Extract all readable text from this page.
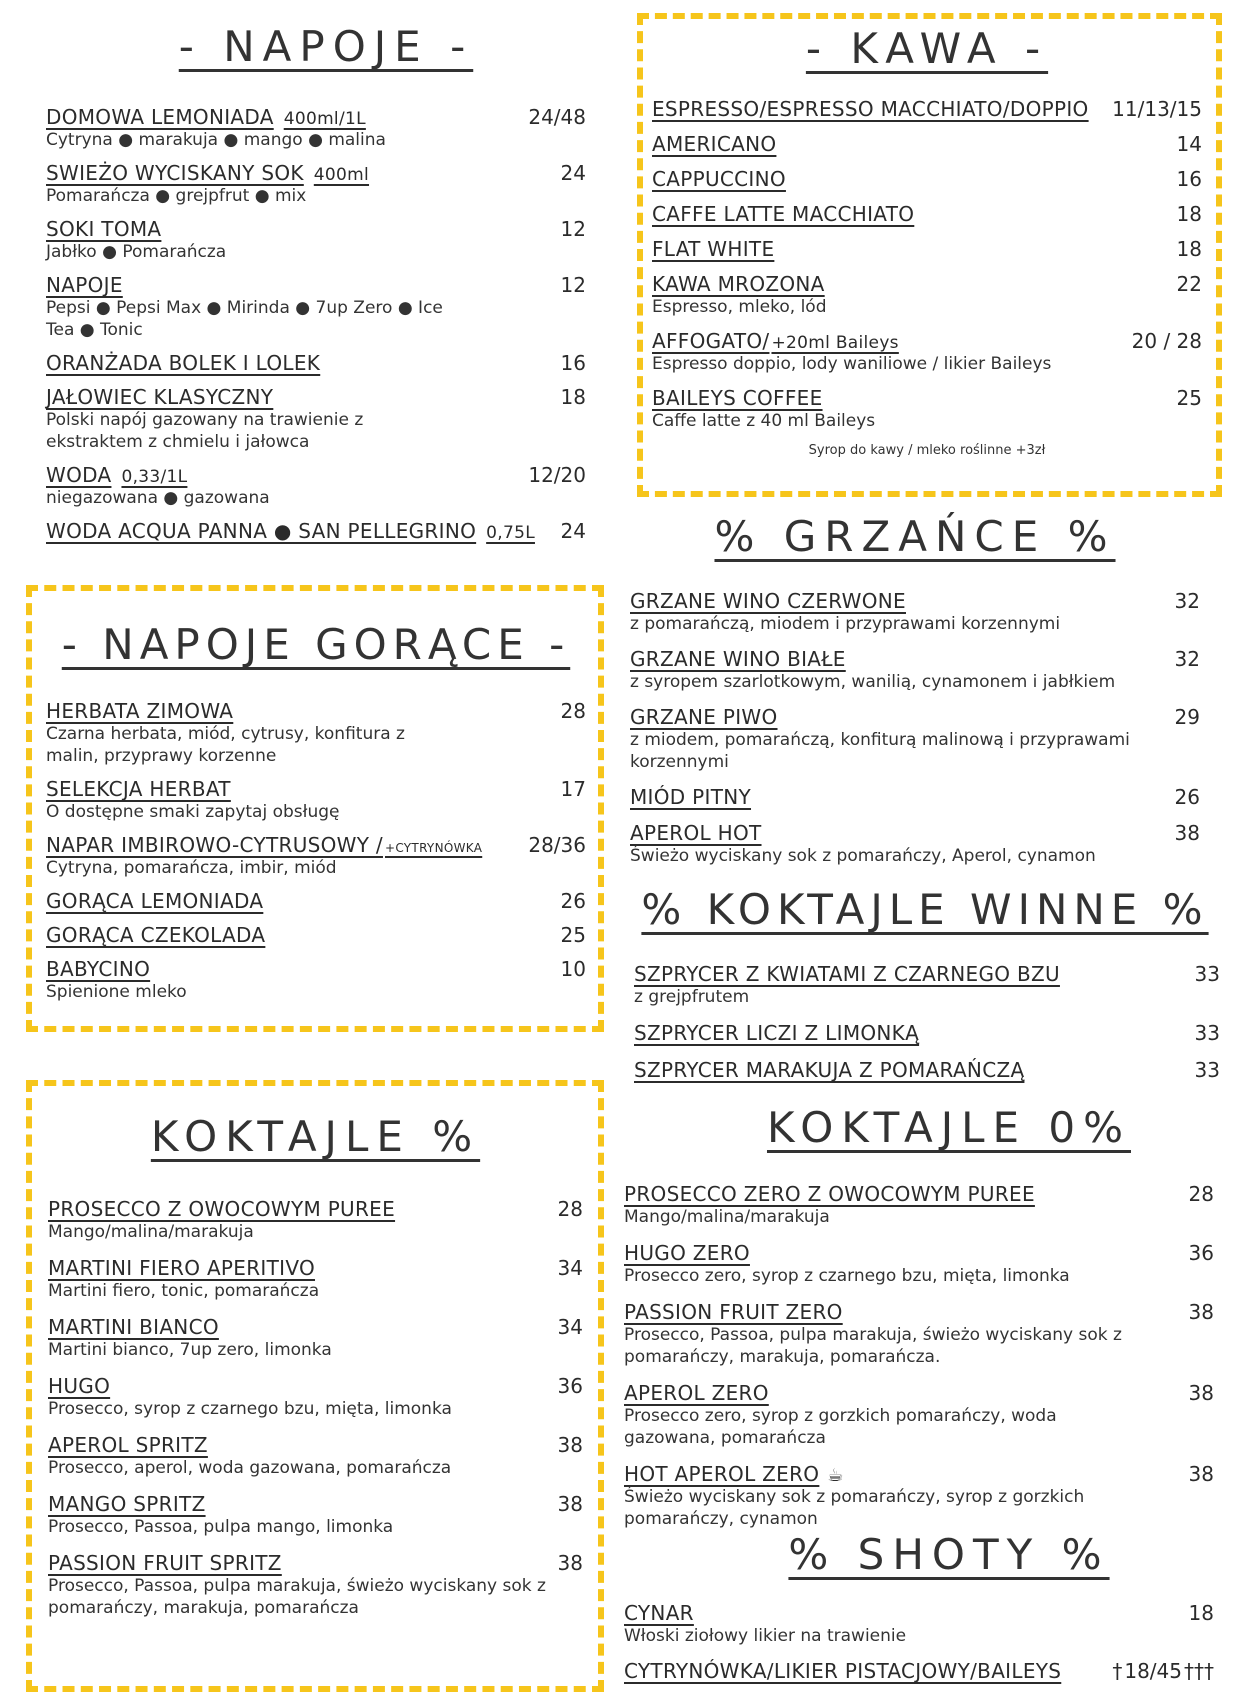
- NAPOJE -
DOMOWA LEMONIADA 400ml/1L	24/48
Cytryna ● marakuja ● mango ● malina
SWIEŻO WYCISKANY SOK 400ml	24
Pomarańcza ● grejpfrut ● mix
SOKI TOMA	12
Jabłko ● Pomarańcza
NAPOJE	12
Pepsi ● Pepsi Max ● Mirinda ● 7up Zero ● Ice Tea ● Tonic
ORANŻADA BOLEK I LOLEK	16
JAŁOWIEC KLASYCZNY	18
Polski napój gazowany na trawienie z ekstraktem z chmielu i jałowca
WODA 0,33/1L	12/20
niegazowana ● gazowana
WODA ACQUA PANNA ● SAN PELLEGRINO 0,75L	24
- KAWA -
ESPRESSO/ESPRESSO MACCHIATO/DOPPIO	11/13/15
AMERICANO	14
CAPPUCCINO	16
CAFFE LATTE MACCHIATO	18
FLAT WHITE	18
KAWA MROZONA	22
Espresso, mleko, lód
AFFOGATO/ +20ml Baileys	20 / 28
Espresso doppio, lody waniliowe / likier Baileys
BAILEYS COFFEE	25
Caffe latte z 40 ml Baileys
Syrop do kawy / mleko roślinne +3zł
- NAPOJE GORĄCE -
HERBATA ZIMOWA	28
Czarna herbata, miód, cytrusy, konfitura z malin, przyprawy korzenne
SELEKCJA HERBAT	17
O dostępne smaki zapytaj obsługę
NAPAR IMBIROWO-CYTRUSOWY / +CYTRYNÓWKA	28/36
Cytryna, pomarańcza, imbir, miód
GORĄCA LEMONIADA	26
GORĄCA CZEKOLADA	25
BABYCINO	10
Spienione mleko
% GRZAŃCE %
GRZANE WINO CZERWONE	32
z pomarańczą, miodem i przyprawami korzennymi
GRZANE WINO BIAŁE	32
z syropem szarlotkowym, wanilią, cynamonem i jabłkiem
GRZANE PIWO	29
z miodem, pomarańczą, konfiturą malinową i przyprawami korzennymi
MIÓD PITNY	26
APEROL HOT	38
Świeżo wyciskany sok z pomarańczy, Aperol, cynamon
% KOKTAJLE WINNE %
SZPRYCER Z KWIATAMI Z CZARNEGO BZU	33
z grejpfrutem
SZPRYCER LICZI Z LIMONKĄ	33
SZPRYCER MARAKUJA Z POMARAŃCZĄ	33
KOKTAJLE %
PROSECCO Z OWOCOWYM PUREE	28
Mango/malina/marakuja
MARTINI FIERO APERITIVO	34
Martini fiero, tonic, pomarańcza
MARTINI BIANCO	34
Martini bianco, 7up zero, limonka
HUGO	36
Prosecco, syrop z czarnego bzu, mięta, limonka
APEROL SPRITZ	38
Prosecco, aperol, woda gazowana, pomarańcza
MANGO SPRITZ	38
Prosecco, Passoa, pulpa mango, limonka
PASSION FRUIT SPRITZ	38
Prosecco, Passoa, pulpa marakuja, świeżo wyciskany sok z pomarańczy, marakuja, pomarańcza
KOKTAJLE 0%
PROSECCO ZERO Z OWOCOWYM PUREE	28
Mango/malina/marakuja
HUGO ZERO	36
Prosecco zero, syrop z czarnego bzu, mięta, limonka
PASSION FRUIT ZERO	38
Prosecco, Passoa, pulpa marakuja, świeżo wyciskany sok z pomarańczy, marakuja, pomarańcza.
APEROL ZERO	38
Prosecco zero, syrop z gorzkich pomarańczy, woda gazowana, pomarańcza
HOT APEROL ZERO☕	38
Świeżo wyciskany sok z pomarańczy, syrop z gorzkich pomarańczy, cynamon
% SHOTY %
CYNAR	18
Włoski ziołowy likier na trawienie
CYTRYNÓWKA/LIKIER PISTACJOWY/BAILEYS	† 18/45 †††
